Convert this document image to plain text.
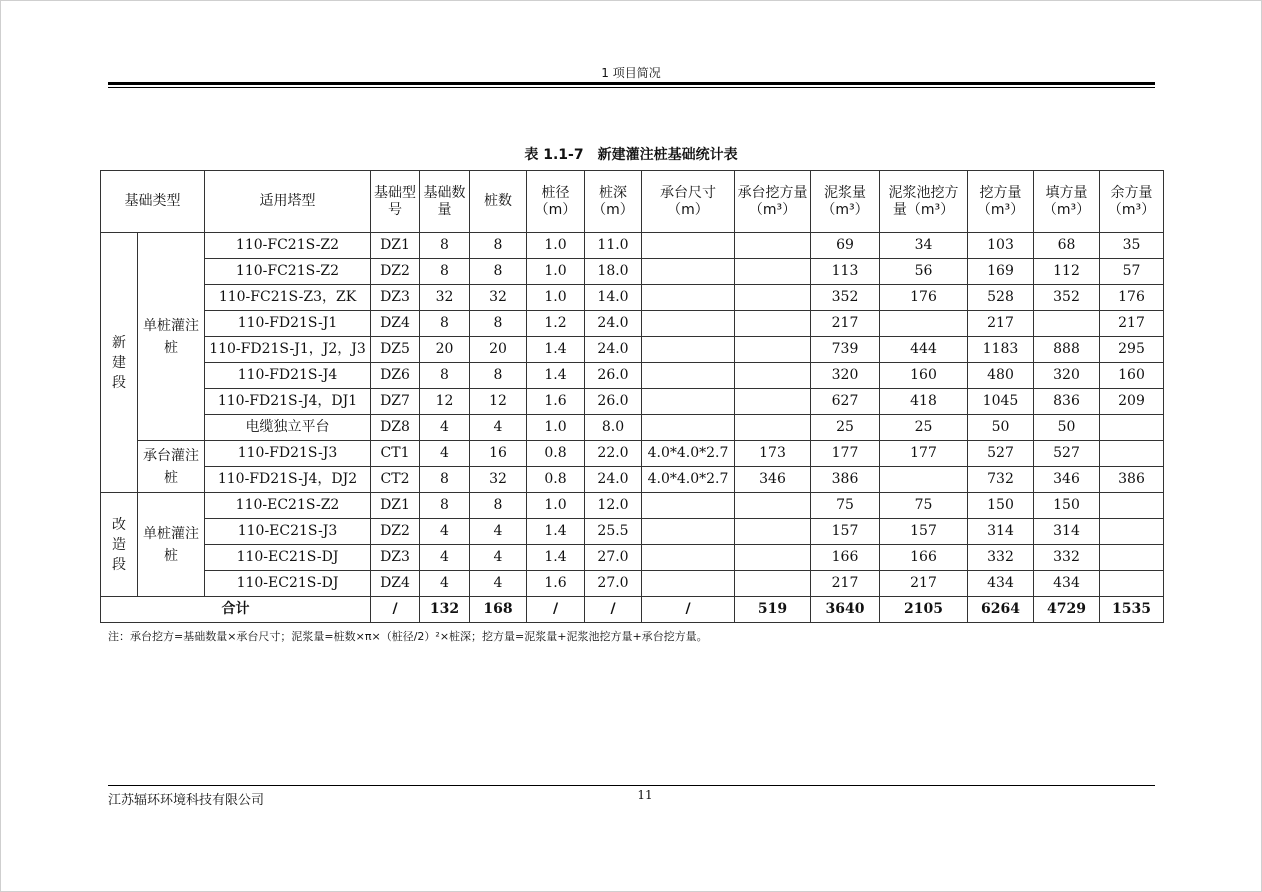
1 项目简况
表 1.1-7　新建灌注桩基础统计表
基础类型		适用塔型	基础型号	基础数量	桩数	桩径（m）	桩深（m）	承台尺寸（m）	承台挖方量（m³）	泥浆量（m³）	泥浆池挖方量（m³）	挖方量（m³）	填方量（m³）	余方量（m³）

新建段	单桩灌注桩	110-FC21S-Z2	DZ1	8	8	1.0	11.0			69	34	103	68	35
		110-FC21S-Z2	DZ2	8	8	1.0	18.0			113	56	169	112	57
		110-FC21S-Z3，ZK	DZ3	32	32	1.0	14.0			352	176	528	352	176
		110-FD21S-J1	DZ4	8	8	1.2	24.0			217		217		217
		110-FD21S-J1，J2，J3	DZ5	20	20	1.4	24.0			739	444	1183	888	295
		110-FD21S-J4	DZ6	8	8	1.4	26.0			320	160	480	320	160
		110-FD21S-J4，DJ1	DZ7	12	12	1.6	26.0			627	418	1045	836	209
		电缆独立平台	DZ8	4	4	1.0	8.0			25	25	50	50	

	承台灌注桩	110-FD21S-J3	CT1	4	16	0.8	22.0	4.0*4.0*2.7	173	177	177	527	527	
		110-FD21S-J4，DJ2	CT2	8	32	0.8	24.0	4.0*4.0*2.7	346	386		732	346	386

改造段	单桩灌注桩	110-EC21S-Z2	DZ1	8	8	1.0	12.0			75	75	150	150	
		110-EC21S-J3	DZ2	4	4	1.4	25.5			157	157	314	314	
		110-EC21S-DJ	DZ3	4	4	1.4	27.0			166	166	332	332	
		110-EC21S-DJ	DZ4	4	4	1.6	27.0			217	217	434	434	
合计			/	132	168	/	/	/	519	3640	2105	6264	4729	1535
注：承台挖方=基础数量×承台尺寸；泥浆量=桩数×π×（桩径/2）²×桩深；挖方量=泥浆量+泥浆池挖方量+承台挖方量。
江苏辐环环境科技有限公司	11
